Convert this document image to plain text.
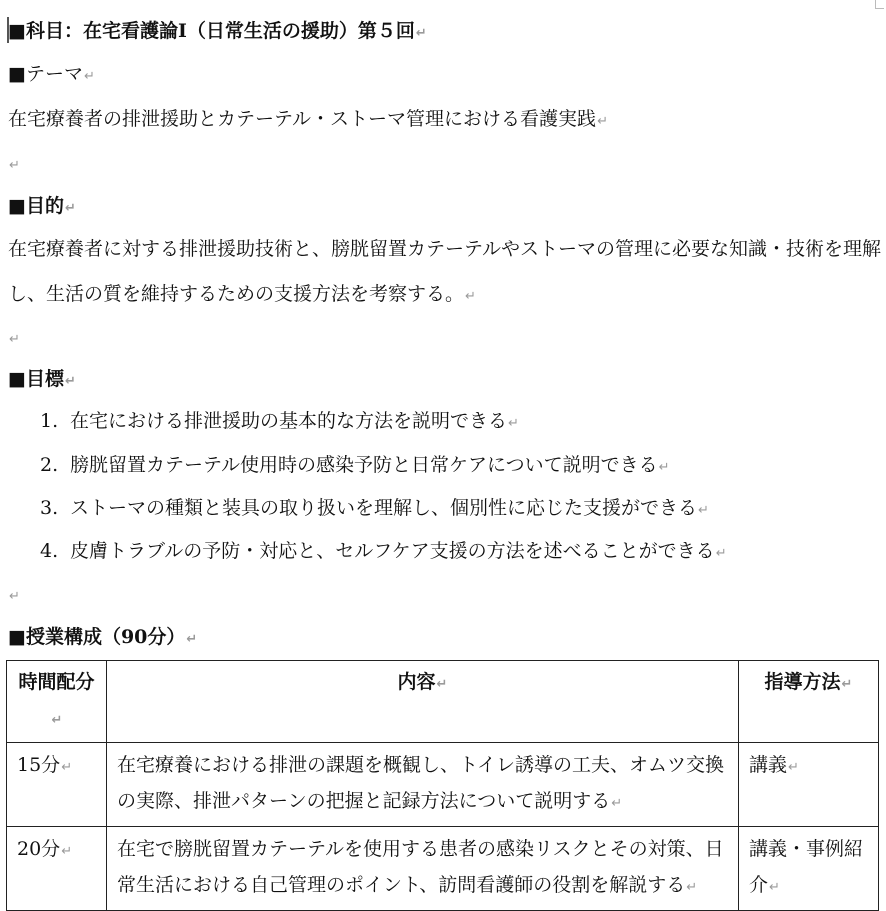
■科目：在宅看護論Ⅰ（日常生活の援助）第５回↵
■テーマ↵
在宅療養者の排泄援助とカテーテル・ストーマ管理における看護実践↵
↵
■目的↵
在宅療養者に対する排泄援助技術と、膀胱留置カテーテルやストーマの管理に必要な知識・技術を理解
し、生活の質を維持するための支援方法を考察する。↵
↵
■目標↵
1. 在宅における排泄援助の基本的な方法を説明できる↵
2. 膀胱留置カテーテル使用時の感染予防と日常ケアについて説明できる↵
3. ストーマの種類と装具の取り扱いを理解し、個別性に応じた支援ができる↵
4. 皮膚トラブルの予防・対応と、セルフケア支援の方法を述べることができる↵
↵
■授業構成（90分）↵
時間配分↵	内容↵	指導方法↵
15分↵	在宅療養における排泄の課題を概観し、トイレ誘導の工夫、オムツ交換の実際、排泄パターンの把握と記録方法について説明する↵	講義↵
20分↵	在宅で膀胱留置カテーテルを使用する患者の感染リスクとその対策、日常生活における自己管理のポイント、訪問看護師の役割を解説する↵	講義・事例紹介↵
